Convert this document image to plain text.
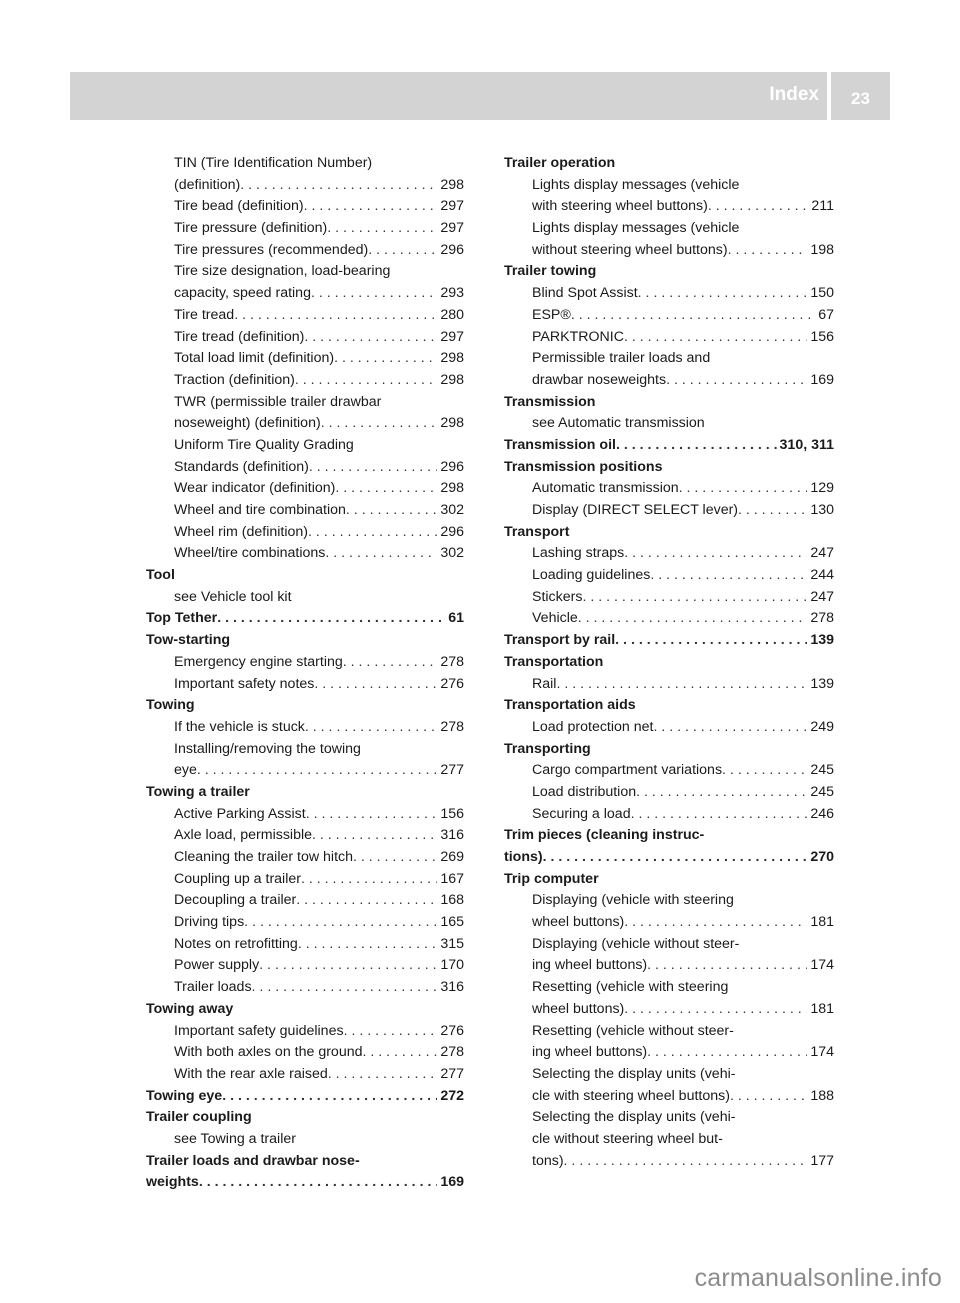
Index	23
TIN (Tire Identification Number)
(definition) . . .	298
Tire bead (definition) . . .	297
Tire pressure (definition) . . .	297
Tire pressures (recommended) . . .	296
Tire size designation, load-bearing
capacity, speed rating . . .	293
Tire tread . . .	280
Tire tread (definition) . . .	297
Total load limit (definition) . . .	298
Traction (definition) . . .	298
TWR (permissible trailer drawbar
noseweight) (definition) . . .	298
Uniform Tire Quality Grading
Standards (definition) . . .	296
Wear indicator (definition) . . .	298
Wheel and tire combination . . .	302
Wheel rim (definition) . . .	296
Wheel/tire combinations . . .	302
Tool
see Vehicle tool kit
Top Tether . . .	61
Tow-starting
Emergency engine starting . . .	278
Important safety notes . . .	276
Towing
If the vehicle is stuck . . .	278
Installing/removing the towing
eye . . .	277
Towing a trailer
Active Parking Assist . . .	156
Axle load, permissible . . .	316
Cleaning the trailer tow hitch . . .	269
Coupling up a trailer . . .	167
Decoupling a trailer . . .	168
Driving tips . . .	165
Notes on retrofitting . . .	315
Power supply . . .	170
Trailer loads . . .	316
Towing away
Important safety guidelines . . .	276
With both axles on the ground . . .	278
With the rear axle raised . . .	277
Towing eye . . .	272
Trailer coupling
see Towing a trailer
Trailer loads and drawbar nose-
weights . . .	169
Trailer operation
Lights display messages (vehicle
with steering wheel buttons) . . .	211
Lights display messages (vehicle
without steering wheel buttons) . . .	198
Trailer towing
Blind Spot Assist . . .	150
ESP® . . .	67
PARKTRONIC . . .	156
Permissible trailer loads and
drawbar noseweights . . .	169
Transmission
see Automatic transmission
Transmission oil . . .	310, 311
Transmission positions
Automatic transmission . . .	129
Display (DIRECT SELECT lever) . . .	130
Transport
Lashing straps . . .	247
Loading guidelines . . .	244
Stickers . . .	247
Vehicle . . .	278
Transport by rail . . .	139
Transportation
Rail . . .	139
Transportation aids
Load protection net . . .	249
Transporting
Cargo compartment variations . . .	245
Load distribution . . .	245
Securing a load . . .	246
Trim pieces (cleaning instruc-
tions) . . .	270
Trip computer
Displaying (vehicle with steering
wheel buttons) . . .	181
Displaying (vehicle without steer-
ing wheel buttons) . . .	174
Resetting (vehicle with steering
wheel buttons) . . .	181
Resetting (vehicle without steer-
ing wheel buttons) . . .	174
Selecting the display units (vehi-
cle with steering wheel buttons) . . .	188
Selecting the display units (vehi-
cle without steering wheel but-
tons) . . .	177
carmanualsonline.info
